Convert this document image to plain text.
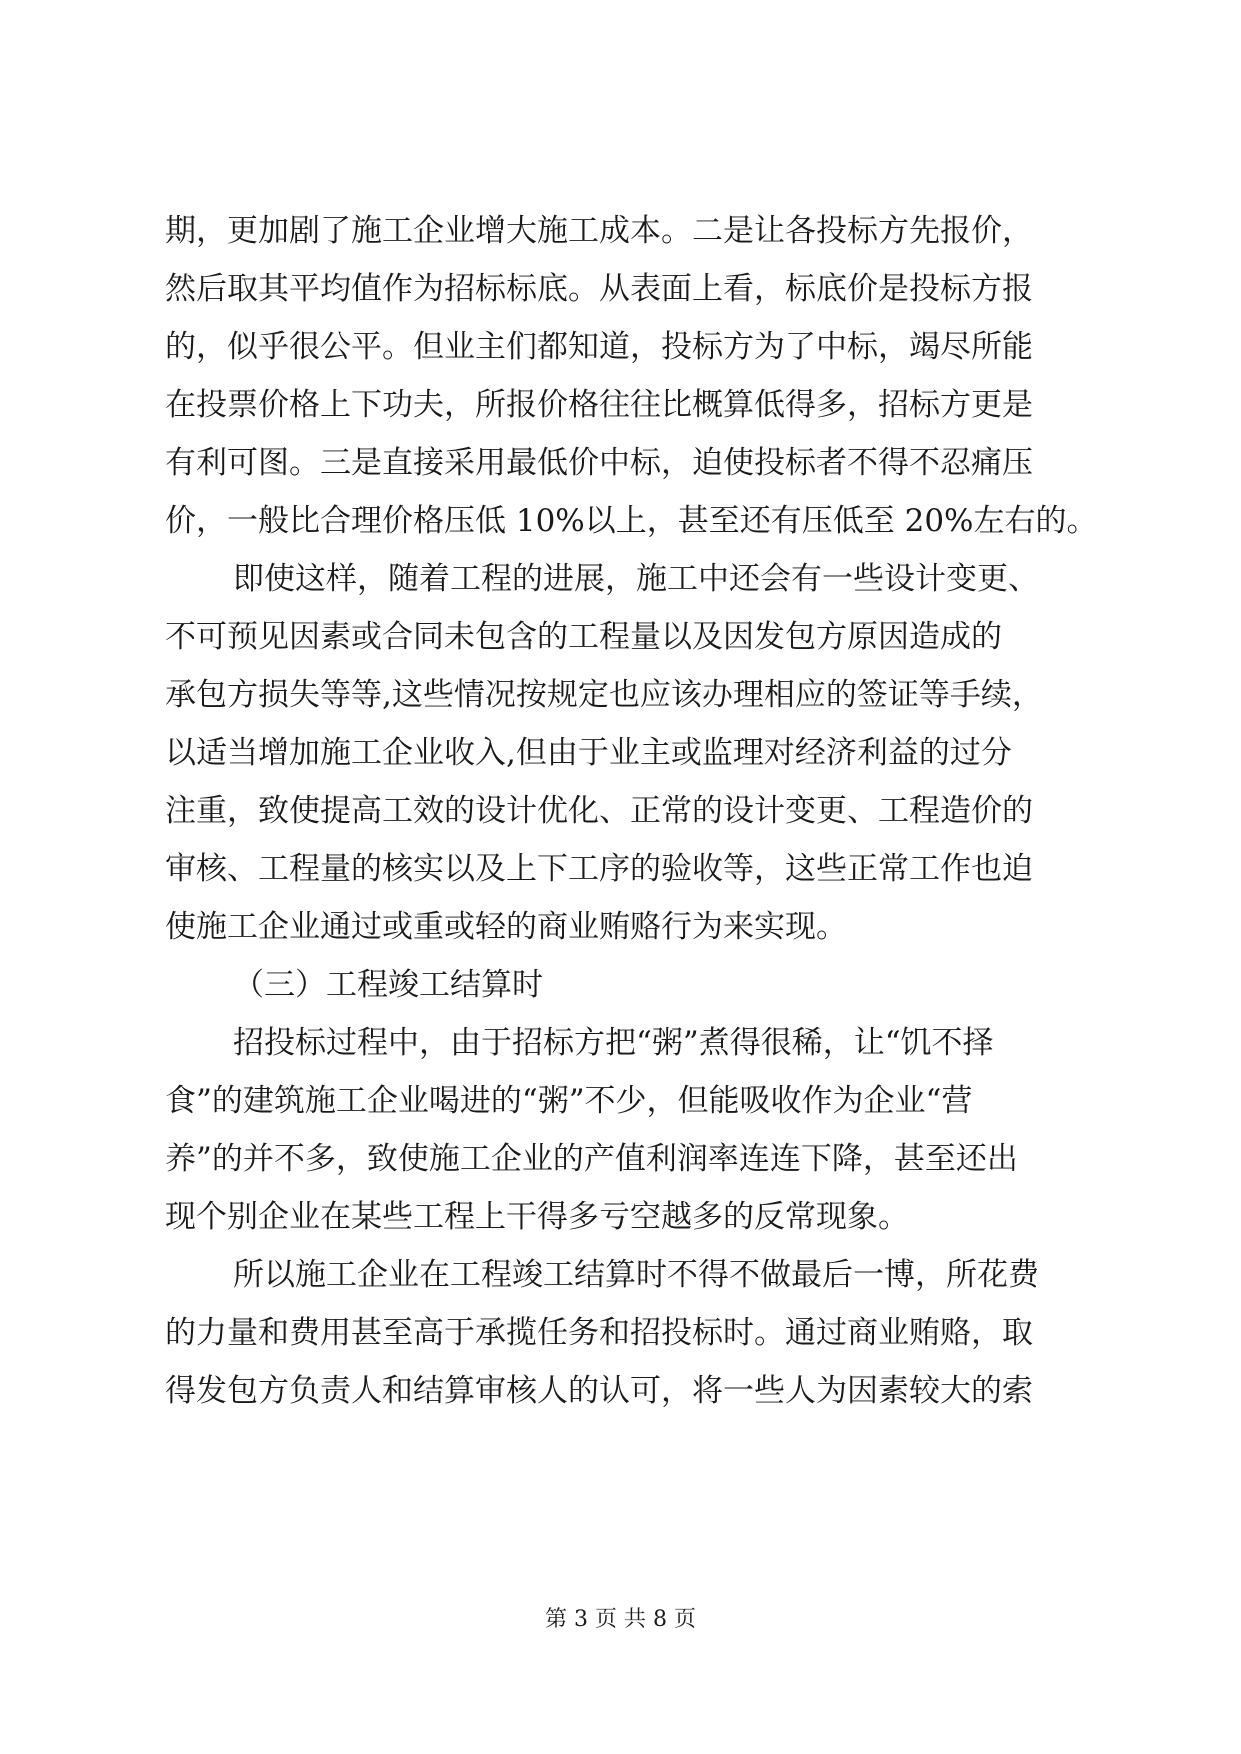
期，更加剧了施工企业增大施工成本。二是让各投标方先报价，
然后取其平均值作为招标标底。从表面上看，标底价是投标方报
的，似乎很公平。但业主们都知道，投标方为了中标，竭尽所能
在投票价格上下功夫，所报价格往往比概算低得多，招标方更是
有利可图。三是直接采用最低价中标，迫使投标者不得不忍痛压
价，一般比合理价格压低 10%以上，甚至还有压低至 20%左右的。
即使这样，随着工程的进展，施工中还会有一些设计变更、
不可预见因素或合同未包含的工程量以及因发包方原因造成的
承包方损失等等,这些情况按规定也应该办理相应的签证等手续，
以适当增加施工企业收入,但由于业主或监理对经济利益的过分
注重，致使提高工效的设计优化、正常的设计变更、工程造价的
审核、工程量的核实以及上下工序的验收等，这些正常工作也迫
使施工企业通过或重或轻的商业贿赂行为来实现。
（三）工程竣工结算时
招投标过程中，由于招标方把“粥”煮得很稀，让“饥不择
食”的建筑施工企业喝进的“粥”不少，但能吸收作为企业“营
养”的并不多，致使施工企业的产值利润率连连下降，甚至还出
现个别企业在某些工程上干得多亏空越多的反常现象。
所以施工企业在工程竣工结算时不得不做最后一博，所花费
的力量和费用甚至高于承揽任务和招投标时。通过商业贿赂，取
得发包方负责人和结算审核人的认可，将一些人为因素较大的索
第 3 页 共 8 页
